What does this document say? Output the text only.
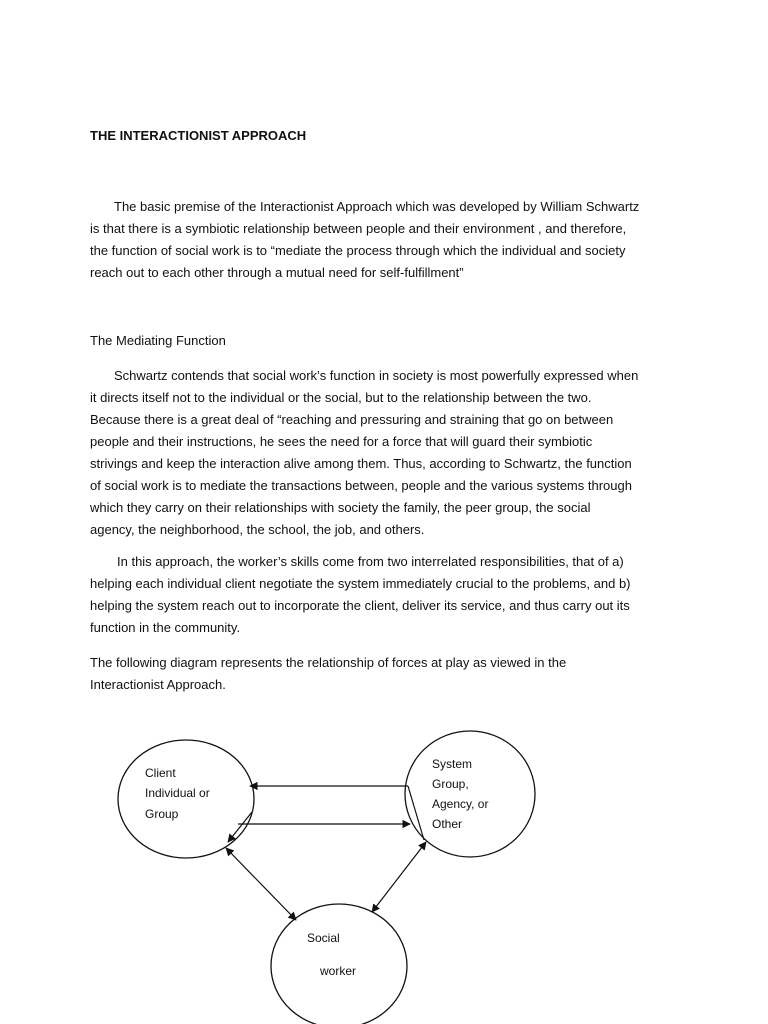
THE INTERACTIONIST APPROACH

The basic premise of the Interactionist Approach which was developed by William Schwartz
is that there is a symbiotic relationship between people and their environment , and therefore,
the function of social work is to “mediate the process through which the individual and society
reach out to each other through a mutual need for self-fulfillment”

The Mediating Function

Schwartz contends that social work’s function in society is most powerfully expressed when
it directs itself not to the individual or the social, but to the relationship between the two.
Because there is a great deal of “reaching and pressuring and straining that go on between
people and their instructions, he sees the need for a force that will guard their symbiotic
strivings and keep the interaction alive among them. Thus, according to Schwartz, the function
of social work is to mediate the transactions between, people and the various systems through
which they carry on their relationships with society the family, the peer group, the social
agency, the neighborhood, the school, the job, and others.

In this approach, the worker’s skills come from two interrelated responsibilities, that of a)
helping each individual client negotiate the system immediately crucial to the problems, and b)
helping the system reach out to incorporate the client, deliver its service, and thus carry out its
function in the community.

The following diagram represents the relationship of forces at play as viewed in the
Interactionist Approach.

Client
Individual or
Group
System
Group,
Agency, or
Other
Social
worker
